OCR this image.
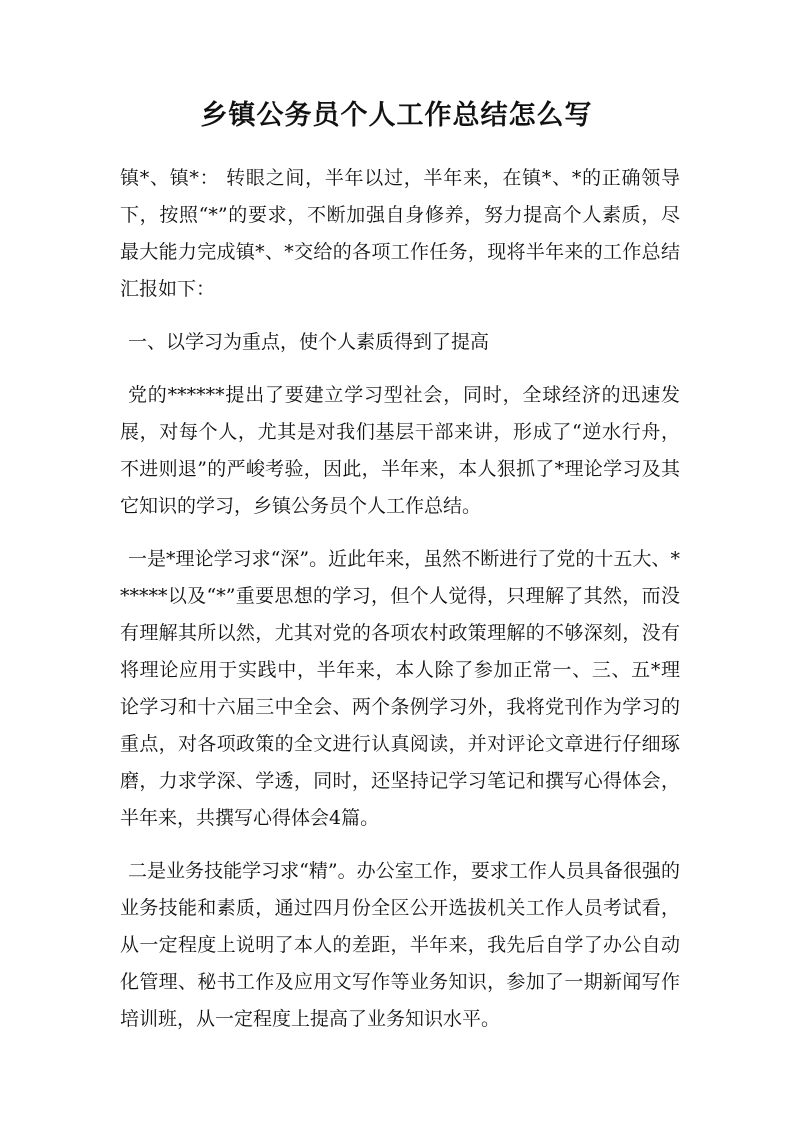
乡镇公务员个人工作总结怎么写

镇*、镇*： 转眼之间，半年以过，半年来，在镇*、*的正确领导下，按照“*”的要求，不断加强自身修养，努力提高个人素质，尽最大能力完成镇*、*交给的各项工作任务，现将半年来的工作总结汇报如下：

一、以学习为重点，使个人素质得到了提高

党的******提出了要建立学习型社会，同时，全球经济的迅速发展，对每个人，尤其是对我们基层干部来讲，形成了“逆水行舟，不进则退”的严峻考验，因此，半年来，本人狠抓了*理论学习及其它知识的学习，乡镇公务员个人工作总结。

一是*理论学习求“深”。近此年来，虽然不断进行了党的十五大、******以及“*”重要思想的学习，但个人觉得，只理解了其然，而没有理解其所以然，尤其对党的各项农村政策理解的不够深刻，没有将理论应用于实践中，半年来，本人除了参加正常一、三、五*理论学习和十六届三中全会、两个条例学习外，我将党刊作为学习的重点，对各项政策的全文进行认真阅读，并对评论文章进行仔细琢磨，力求学深、学透，同时，还坚持记学习笔记和撰写心得体会，半年来，共撰写心得体会4篇。

二是业务技能学习求“精”。办公室工作，要求工作人员具备很强的业务技能和素质，通过四月份全区公开选拔机关工作人员考试看，从一定程度上说明了本人的差距，半年来，我先后自学了办公自动化管理、秘书工作及应用文写作等业务知识，参加了一期新闻写作培训班，从一定程度上提高了业务知识水平。
